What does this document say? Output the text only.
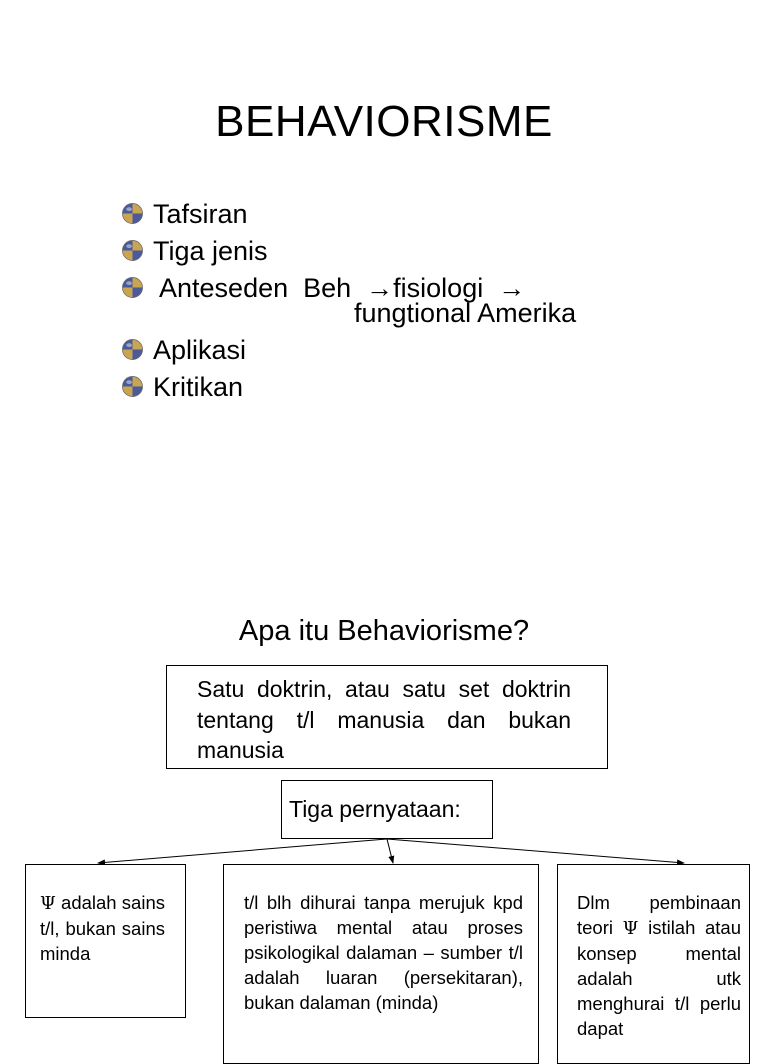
BEHAVIORISME
Tafsiran
Tiga jenis
Anteseden  Beh  →fisiologi  →
fungtional Amerika
Aplikasi
Kritikan
Apa itu Behaviorisme?
Satu doktrin, atau satu set doktrin tentang t/l manusia dan bukan manusia
Tiga pernyataan:
Ψ adalah sains t/l, bukan sains minda
t/l blh dihurai tanpa merujuk kpd peristiwa mental atau proses psikologikal dalaman – sumber t/l adalah luaran (persekitaran), bukan dalaman (minda)
Dlm pembinaan teori Ψ istilah atau konsep mental adalah utk menghurai t/l perlu dapat
